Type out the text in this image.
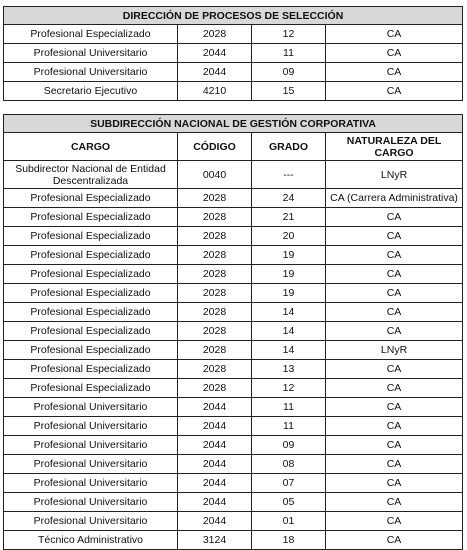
DIRECCIÓN DE PROCESOS DE SELECCIÓN			
Profesional Especializado	2028	12	CA
Profesional Universitario	2044	11	CA
Profesional Universitario	2044	09	CA
Secretario Ejecutivo	4210	15	CA
SUBDIRECCIÓN NACIONAL DE GESTIÓN CORPORATIVA			
CARGO	CÓDIGO	GRADO	NATURALEZA DEL CARGO
Subdirector Nacional de Entidad Descentralizada	0040	---	LNyR
Profesional Especializado	2028	24	CA (Carrera Administrativa)
Profesional Especializado	2028	21	CA
Profesional Especializado	2028	20	CA
Profesional Especializado	2028	19	CA
Profesional Especializado	2028	19	CA
Profesional Especializado	2028	19	CA
Profesional Especializado	2028	14	CA
Profesional Especializado	2028	14	CA
Profesional Especializado	2028	14	LNyR
Profesional Especializado	2028	13	CA
Profesional Especializado	2028	12	CA
Profesional Universitario	2044	11	CA
Profesional Universitario	2044	11	CA
Profesional Universitario	2044	09	CA
Profesional Universitario	2044	08	CA
Profesional Universitario	2044	07	CA
Profesional Universitario	2044	05	CA
Profesional Universitario	2044	01	CA
Técnico Administrativo	3124	18	CA
